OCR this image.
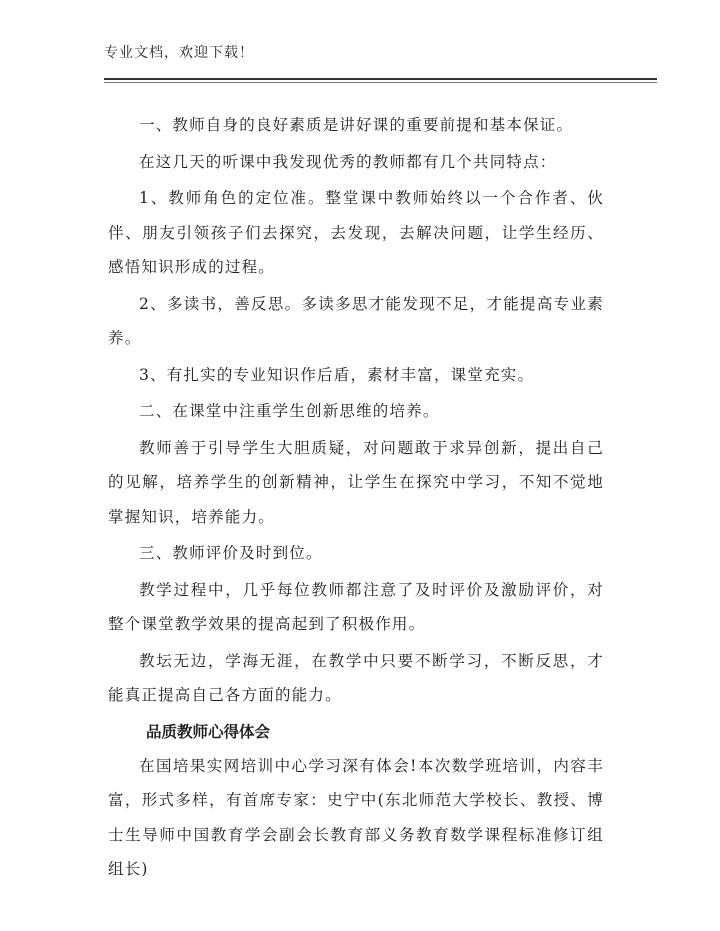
专业文档，欢迎下载！

一、教师自身的良好素质是讲好课的重要前提和基本保证。

在这几天的听课中我发现优秀的教师都有几个共同特点：

1、教师角色的定位准。整堂课中教师始终以一个合作者、伙伴、朋友引领孩子们去探究，去发现，去解决问题，让学生经历、感悟知识形成的过程。

2、多读书，善反思。多读多思才能发现不足，才能提高专业素养。

3、有扎实的专业知识作后盾，素材丰富，课堂充实。

二、在课堂中注重学生创新思维的培养。

教师善于引导学生大胆质疑，对问题敢于求异创新，提出自己的见解，培养学生的创新精神，让学生在探究中学习，不知不觉地掌握知识，培养能力。

三、教师评价及时到位。

教学过程中，几乎每位教师都注意了及时评价及激励评价，对整个课堂教学效果的提高起到了积极作用。

教坛无边，学海无涯，在教学中只要不断学习，不断反思，才能真正提高自己各方面的能力。

品质教师心得体会

在国培果实网培训中心学习深有体会!本次数学班培训，内容丰富，形式多样，有首席专家：史宁中(东北师范大学校长、教授、博士生导师中国教育学会副会长教育部义务教育数学课程标准修订组组长)
